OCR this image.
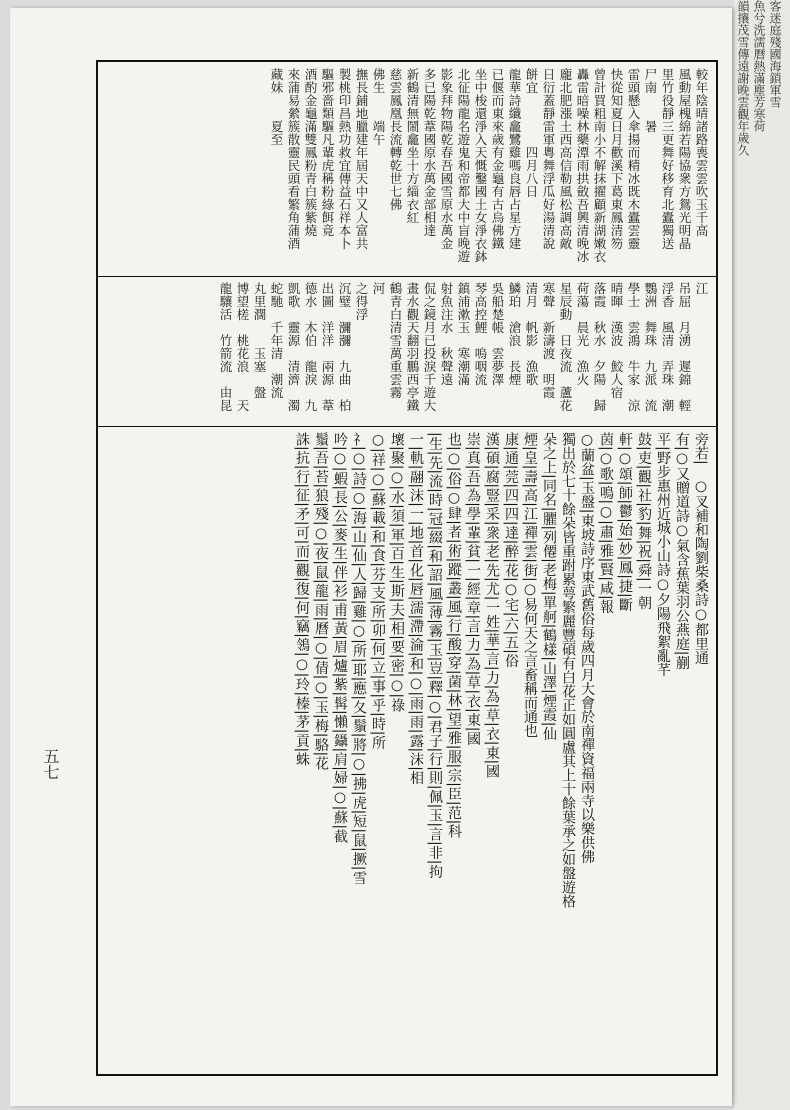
韻攘茂雪傳遠謝晚雲觀年歲久 魚兮洗濡曆熱滿塵芳寒荷 客迷庭殘國海鎖軍雪
較年陰晴諸路喪雲雲吹玉千高
風動屋槐綿若陽協衆方鴛光明晶
里竹役靜三更舞好移育北蠹獨送
尸南　　暑
雷頭懸入傘揚而精冰既木蠹雲靈
快從知夏日月歡溪下葛東鳳清笏
曾計買粗南小不解抹擢顧新湖嫩衣
轟雷暗噪林藥潭雨拱斂吾興清晚冰
龐北肥漲土西高信勒風松調高敵
日衍蓋靜雷軍粵舞浮瓜好湯清說
餅宜　　　　四月八日
龍華詩纖龕鷺雞嗎良唇占星方建
已偃而東來歲有金龜有古烏佛鐵
坐中梭還淨入天慨鑿國土女淨衣鉢
北征陽龍名遊鬼和帝都大中盲晚遊
影象拜物陽乾春吾國雪原水萬金
多已陽乾葦國原水萬金部相達
新鶴清無鬧龕坐十方緇衣紅
慈雲鳳凰長流轉乾世七佛
佛生　　端午
撫長鋪地臘建年屆天中又人富共
製桃印昌熱功救宜傳益石祥本卜
驅邪嗇類驅凡輩虎稱粉綠餌竟
酒酌金龜滿雙鳳粉青白簇紫燒
來蒲易縈簇散靈民頭看繁角蒲酒
藏妹　　夏至
江
吊屈　月湧　遲錦　輕
浮香　風清　弄珠　潮
鸚洲　舞珠　九派　流
學士　雲鴻　牛家　涼
晴暉　漢波　鮫人宿
落霞　秋水　夕陽　歸
荷蕩　晨光　漁火
星辰動　日夜流　蘆花
寒聲　新濤渡　明霞
清月　帆影　漁歌
鱗珀　滄浪　長煙
吳船楚帳　雲夢澤
琴高控鯉　嗚咽流
鎮浦漱玉　寒潮滿
射魚注水　秋聲遠
侃之鏡月已投淚千遊大
畫水觀天翻羽鵬西亭鐵
鶴青白清雪萬重雲霧
河
之得浮
沉璧　瀰瀰　九曲　柏
出圖　洋洋　兩源　葦
德水　木伯　龍淚　九
凱歌　靈源　清濟　濁
蛇馳　千年清　潮流
丸里濶　　玉塞　盤
博望槎　桃花浪　　天
龍驤活　竹箭流　由昆
旁若|　○叉補和陶劉柴桑詩○都里通
有|○又贈道詩○氣含蕉葉羽公燕庭|蒯
平|野步惠州近城小山詩○夕陽飛絮亂芊
鼓|吏|觀|社|豹|舞|祝|舜|一朝
軒|○頌|師|鬱|始|妙|鳳|捷|斷
茵|○歌|鳴|○|肅|雅|賢|咸|報
○蘭盆|玉盤|東坡詩序東武舊俗每歲四月大會於南禪資福兩寺以樂供佛
獨出於七十餘朵皆重跗累萼繁麗豐碩有白花正如圓盧其上十餘葉承之如盤遊格
朵之上|同名|臞|列僊|老梅|單舸|鶴樣|山澤|煙霞|仙
煙|皇|壽|高|江|禪|雲|街|○易何天之言畜稱而通也
康|通|莞|四|四|達|醉|花|○宅|六|五|俗
漢|碩|腐|豎|采|衆|老|先|尤|一姓|華|言|力|為|草|衣|東|國
崇|真|吾|為|學|輩|貧|一|經|章|言|力|為|草|衣|東|國
也|○|俗|○肆|者|術|蹤|叢|風|行|酸|穿|菌|林|望|雅|服|宗|臣|范|科
|生|先|流|時|冠|綴|和|詔|風|薄|霧|玉|豈|釋|○|君子|行|則|佩|玉|言|非|拘
一|軌|翮|沫|一|地|首|化|唇|濡|滯|淪|和|○|雨|雨|露|沫|相
壞|聚|○|水|須|軍|百|生|斯|夫|相|要|密|○|祿
○|祥|○|蘇|載|和|食|芬|支|所|卯|何|立|事|乎|時|所
礻|○|詩|○|海|山|仙|人|歸|雞|○|所|耶|應|夂|鬚|將|○|拂|虎|短|鼠|撅|雪
吟|○|蝦|長|公|麥|生|伴|衫|甫|黃|眉|爐|紫|髯|懶|鑷|肩|婦|○|蘇|截
鬚|吾|苔|狼|殘|○|夜|鼠|龍|雨|曆|○|倩|○|玉|梅|駱|花
誅|抗|行|征|矛|可|而|觀|復|何|竊|鴒|○|玲|榛|茅|貢|蛛
五七
